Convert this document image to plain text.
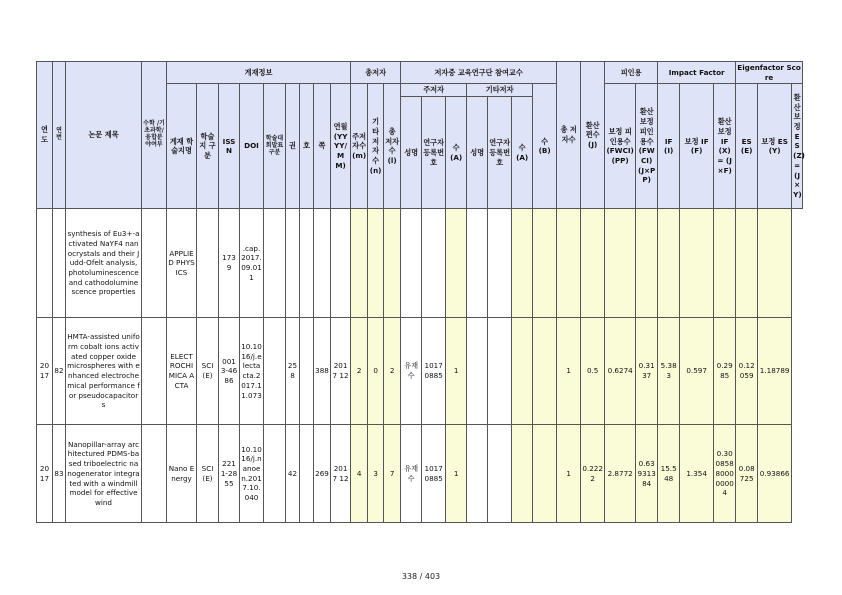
연도	연번	논문 제목	수학 /기초과학/융합분야여부	게재정보									총저자			저자중 교육연구단 참여교수							총 저자수	환산 편수 (J)	피인용		Impact Factor			Eigenfactor Score		
				게재 학술지명	학술지 구분	ISSN	DOI	학술대회발표 구분	권	호	쪽	연월 (YYYY/MM)	주저자수 (m)	기타 저자수 (n)	총 저자수 (l)	주저자			기타저자			수 (B)			보정 피인용수 (FWCI) (PP)	환산보정피인용수 (FWCI) (J×PP)	IF (I)	보정 IF (F)	환산 보정 IF(X) = (J×F)	ES (E)	보정 ES (Y)	환산 보정 ES(Z) =(J×Y)
																성명	연구자 등록번호	수 (A)	성명	연구자 등록번호	수 (A)											
		synthesis of Eu3+-activated NaYF4 nanocrystals and their Judd-Ofelt analysis, photoluminescence and cathodoluminescence properties		APPLIED PHYSICS		1739	.cap.2017.09.011																									
2017	82	HMTA-assisted uniform cobalt ions activated copper oxide microspheres with enhanced electrochemical performance for pseudocapacitors		ELECTROCHIMICA ACTA	SCI(E)	0013-4686	10.1016/j.electacta.2017.11.073		258		388	2017 12	2	0	2	유재수	10170885	1					1	0.5	0.6274	0.3137	5.383	0.597	0.2985	0.12059	1.18789	
2017	83	Nanopillar-array architectured PDMS-based triboelectric nanogenerator integrated with a windmill model for effective wind		Nano Energy	SCI(E)	2211-2855	10.1016/j.nanoen.2017.10.040		42		269	2017 12	4	3	7	유재수	10170885	1					1	0.2222	2.8772	0.63931384	15.548	1.354	0.300858800000004	0.08725	0.93866	
338 / 403
